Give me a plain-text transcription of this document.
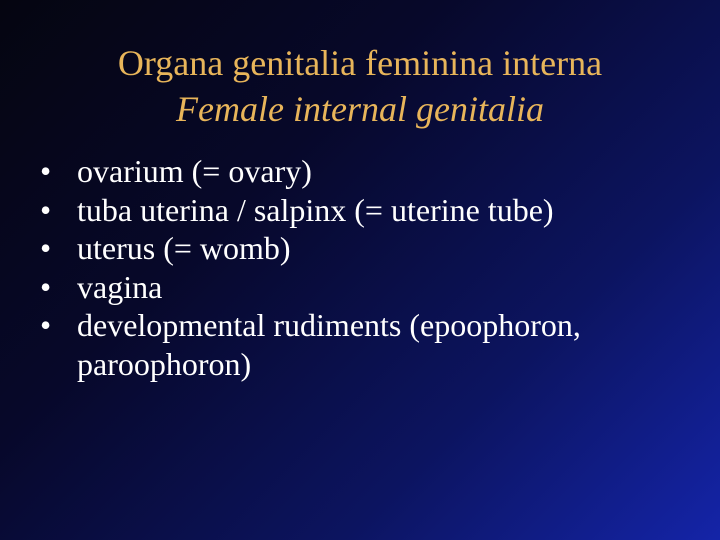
Organa genitalia feminina interna
Female internal genitalia
• ovarium (= ovary)
• tuba uterina / salpinx (= uterine tube)
• uterus (= womb)
• vagina
• developmental rudiments (epoophoron, paroophoron)
